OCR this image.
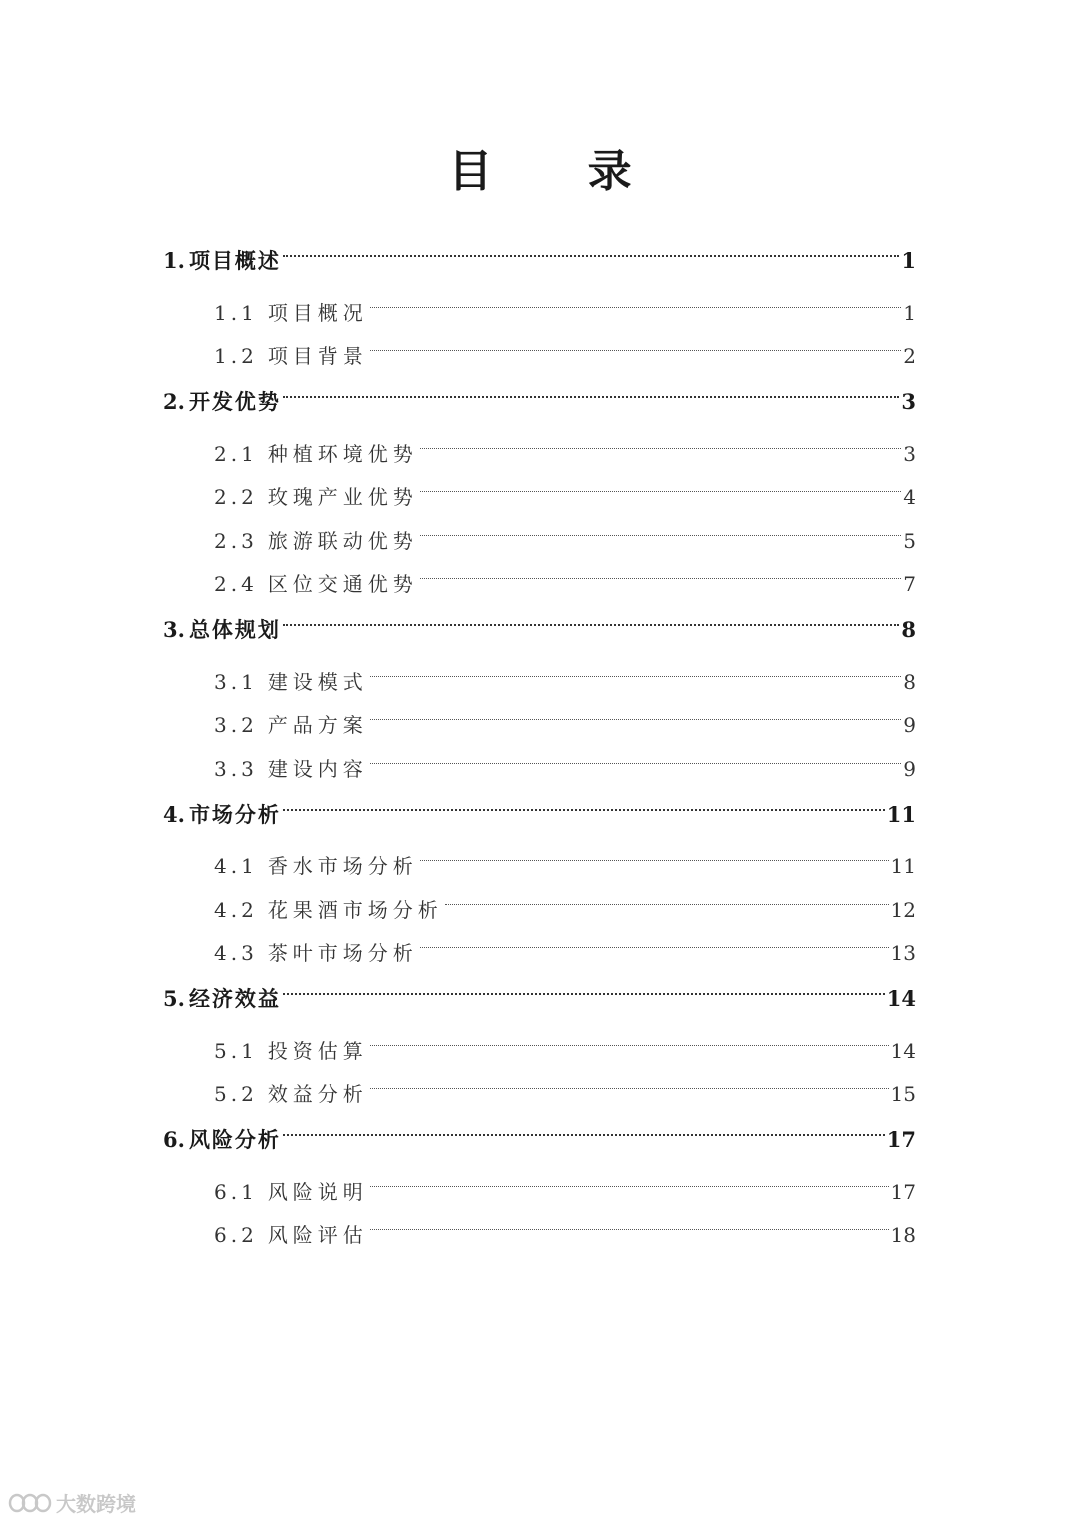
目 录
1. 项目概述	1
1.1 项目概况	1
1.2 项目背景	2
2. 开发优势	3
2.1 种植环境优势	3
2.2 玫瑰产业优势	4
2.3 旅游联动优势	5
2.4 区位交通优势	7
3. 总体规划	8
3.1 建设模式	8
3.2 产品方案	9
3.3 建设内容	9
4. 市场分析	11
4.1 香水市场分析	11
4.2 花果酒市场分析	12
4.3 茶叶市场分析	13
5. 经济效益	14
5.1 投资估算	14
5.2 效益分析	15
6. 风险分析	17
6.1 风险说明	17
6.2 风险评估	18
大数跨境
